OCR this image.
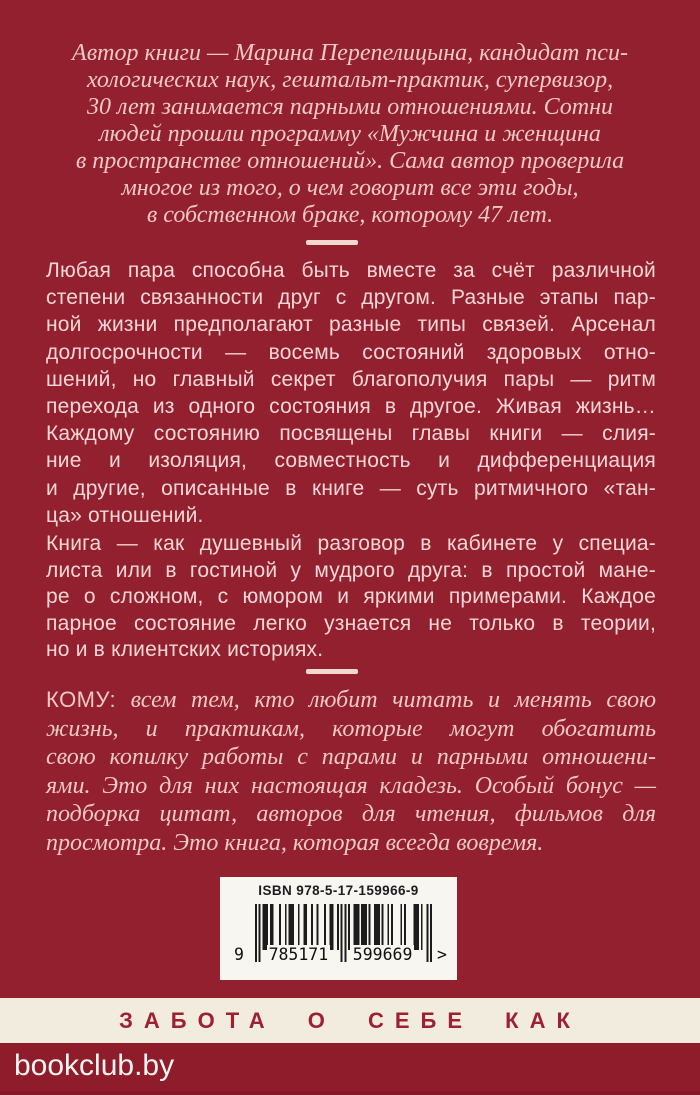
Автор книги — Марина Перепелицына, кандидат пси-
хологических наук, гештальт-практик, супервизор,
30 лет занимается парными отношениями. Сотни
людей прошли программу «Мужчина и женщина
в пространстве отношений». Сама автор проверила
многое из того, о чем говорит все эти годы,
в собственном браке, которому 47 лет.
Любая пара способна быть вместе за счёт различной
степени связанности друг с другом. Разные этапы пар-
ной жизни предполагают разные типы связей. Арсенал
долгосрочности — восемь состояний здоровых отно-
шений, но главный секрет благополучия пары — ритм
перехода из одного состояния в другое. Живая жизнь…
Каждому состоянию посвящены главы книги — слия-
ние и изоляция, совместность и дифференциация
и другие, описанные в книге — суть ритмичного «тан-
ца» отношений.
Книга — как душевный разговор в кабинете у специа-
листа или в гостиной у мудрого друга: в простой мане-
ре о сложном, с юмором и яркими примерами. Каждое
парное состояние легко узнается не только в теории,
но и в клиентских историях.
КОМУ: всем тем, кто любит читать и менять свою
жизнь, и практикам, которые могут обогатить
свою копилку работы с парами и парными отношени-
ями. Это для них настоящая кладезь. Особый бонус —
подборка цитат, авторов для чтения, фильмов для
просмотра. Это книга, которая всегда вовремя.
ISBN 978-5-17-159966-9
9 785171 599669 >
ЗАБОТА О СЕБЕ КАК
bookclub.by
